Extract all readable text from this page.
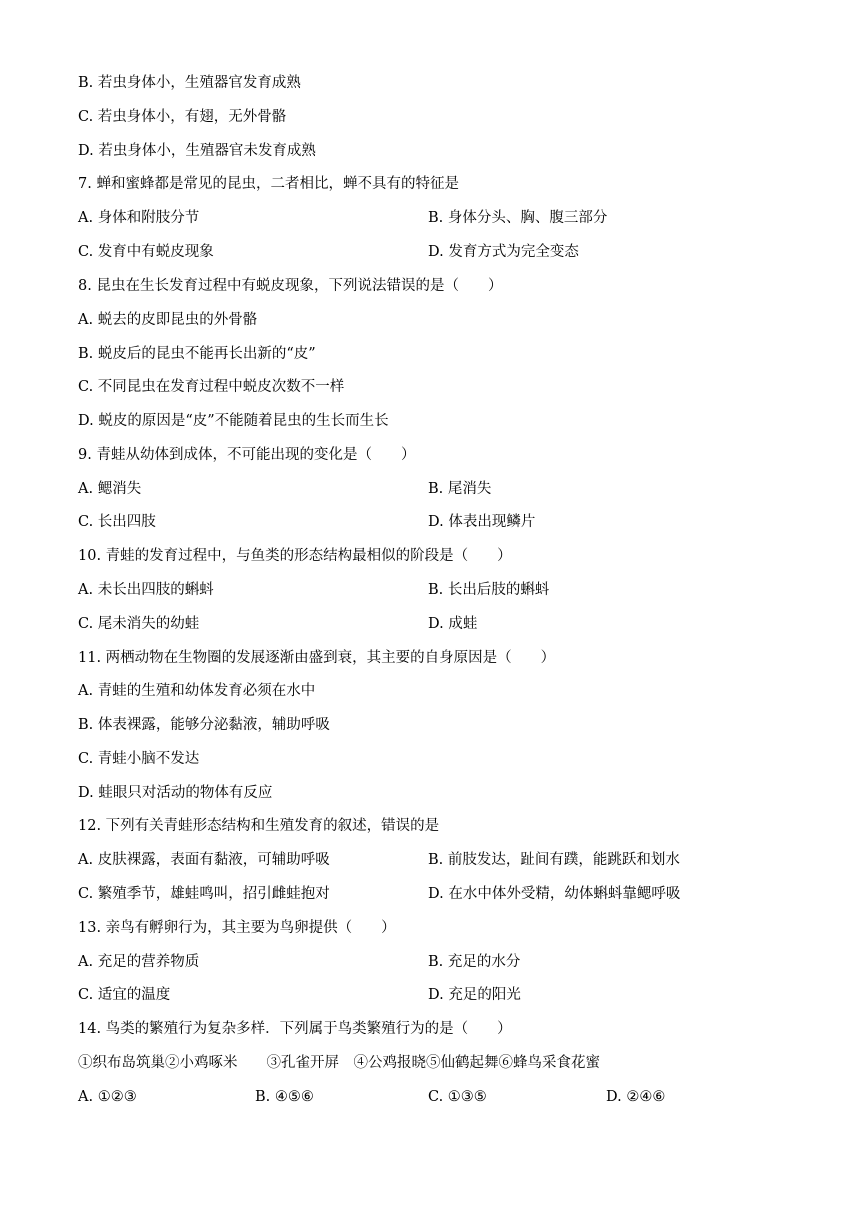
B. 若虫身体小，生殖器官发育成熟
C. 若虫身体小，有翅，无外骨骼
D. 若虫身体小，生殖器官未发育成熟
7. 蝉和蜜蜂都是常见的昆虫，二者相比，蝉不具有的特征是
A. 身体和附肢分节	B. 身体分头、胸、腹三部分
C. 发育中有蜕皮现象	D. 发育方式为完全变态
8. 昆虫在生长发育过程中有蜕皮现象，下列说法错误的是（　　）
A. 蜕去的皮即昆虫的外骨骼
B. 蜕皮后的昆虫不能再长出新的“皮”
C. 不同昆虫在发育过程中蜕皮次数不一样
D. 蜕皮的原因是“皮”不能随着昆虫的生长而生长
9. 青蛙从幼体到成体，不可能出现的变化是（　　）
A. 鳃消失	B. 尾消失
C. 长出四肢	D. 体表出现鳞片
10. 青蛙的发育过程中，与鱼类的形态结构最相似的阶段是（　　）
A. 未长出四肢的蝌蚪	B. 长出后肢的蝌蚪
C. 尾未消失的幼蛙	D. 成蛙
11. 两栖动物在生物圈的发展逐渐由盛到衰，其主要的自身原因是（　　）
A. 青蛙的生殖和幼体发育必须在水中
B. 体表裸露，能够分泌黏液，辅助呼吸
C. 青蛙小脑不发达
D. 蛙眼只对活动的物体有反应
12. 下列有关青蛙形态结构和生殖发育的叙述，错误的是
A. 皮肤裸露，表面有黏液，可辅助呼吸	B. 前肢发达，趾间有蹼，能跳跃和划水
C. 繁殖季节，雄蛙鸣叫，招引雌蛙抱对	D. 在水中体外受精，幼体蝌蚪靠鳃呼吸
13. 亲鸟有孵卵行为，其主要为鸟卵提供（　　）
A. 充足的营养物质	B. 充足的水分
C. 适宜的温度	D. 充足的阳光
14. 鸟类的繁殖行为复杂多样．下列属于鸟类繁殖行为的是（　　）
①织布岛筑巢②小鸡啄米　　③孔雀开屏　④公鸡报晓⑤仙鹤起舞⑥蜂鸟采食花蜜
A. ①②③	B. ④⑤⑥	C. ①③⑤	D. ②④⑥
